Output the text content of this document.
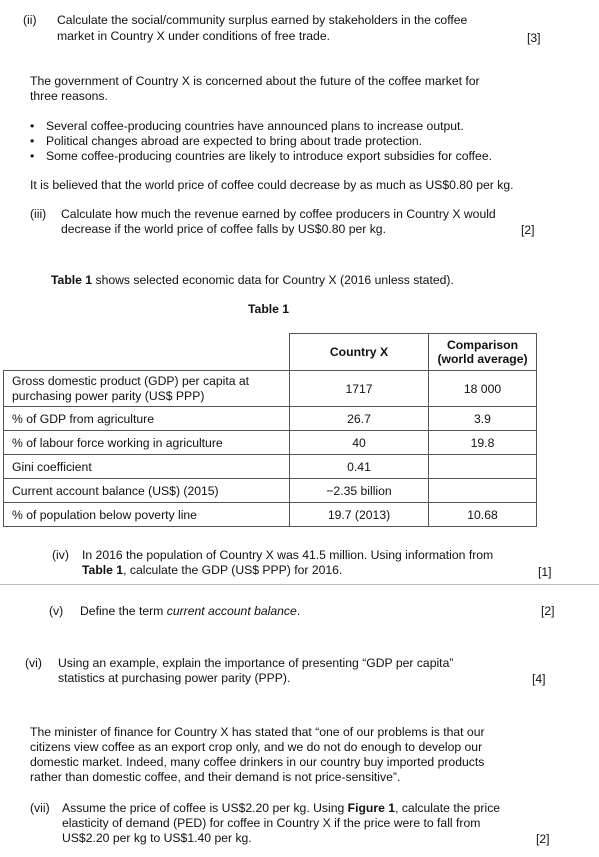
(ii) Calculate the social/community surplus earned by stakeholders in the coffee
market in Country X under conditions of free trade.	[3]
The government of Country X is concerned about the future of the coffee market for
three reasons.
• Several coffee-producing countries have announced plans to increase output.
• Political changes abroad are expected to bring about trade protection.
• Some coffee-producing countries are likely to introduce export subsidies for coffee.
It is believed that the world price of coffee could decrease by as much as US$0.80 per kg.
(iii) Calculate how much the revenue earned by coffee producers in Country X would
decrease if the world price of coffee falls by US$0.80 per kg.	[2]
Table 1 shows selected economic data for Country X (2016 unless stated).
Table 1
	Country X	Comparison
(world average)
Gross domestic product (GDP) per capita at
purchasing power parity (US$ PPP)	1717	18 000
% of GDP from agriculture	26.7	3.9
% of labour force working in agriculture	40	19.8
Gini coefficient	0.41	
Current account balance (US$) (2015)	−2.35 billion	
% of population below poverty line	19.7 (2013)	10.68
(iv) In 2016 the population of Country X was 41.5 million. Using information from
Table 1, calculate the GDP (US$ PPP) for 2016.	[1]
(v) Define the term current account balance.	[2]
(vi) Using an example, explain the importance of presenting “GDP per capita”
statistics at purchasing power parity (PPP).	[4]
The minister of finance for Country X has stated that “one of our problems is that our
citizens view coffee as an export crop only, and we do not do enough to develop our
domestic market. Indeed, many coffee drinkers in our country buy imported products
rather than domestic coffee, and their demand is not price-sensitive”.
(vii) Assume the price of coffee is US$2.20 per kg. Using Figure 1, calculate the price
elasticity of demand (PED) for coffee in Country X if the price were to fall from
US$2.20 per kg to US$1.40 per kg.	[2]
